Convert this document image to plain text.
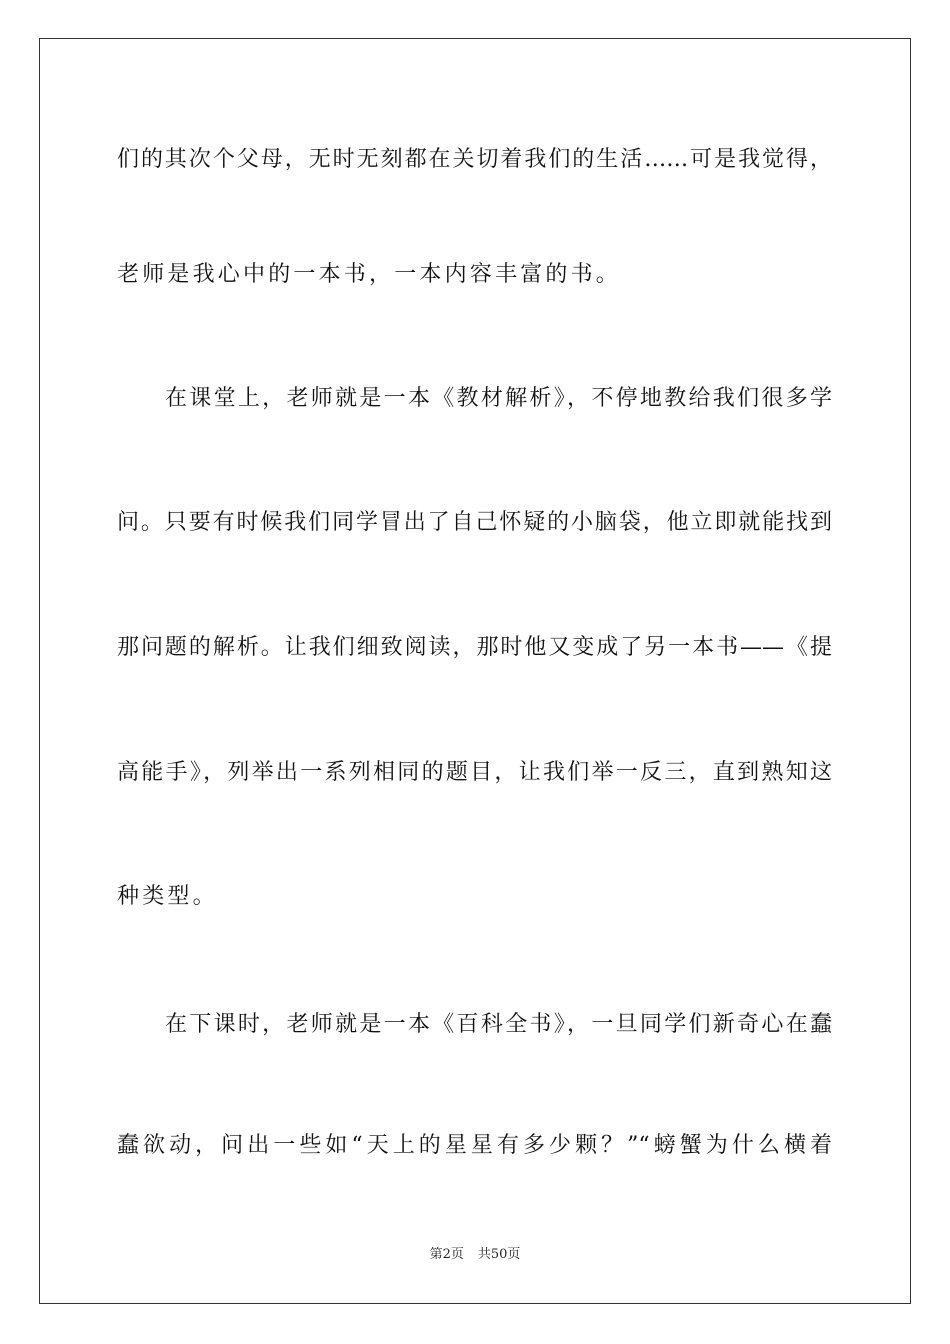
们的其次个父母，无时无刻都在关切着我们的生活……可是我觉得，
老师是我心中的一本书，一本内容丰富的书。
在课堂上，老师就是一本《教材解析》，不停地教给我们很多学
问。只要有时候我们同学冒出了自己怀疑的小脑袋，他立即就能找到
那问题的解析。让我们细致阅读，那时他又变成了另一本书——《提
高能手》，列举出一系列相同的题目，让我们举一反三，直到熟知这
种类型。
在下课时，老师就是一本《百科全书》，一旦同学们新奇心在蠢
蠢欲动，问出一些如“天上的星星有多少颗？”“螃蟹为什么横着
第2页 共50页
